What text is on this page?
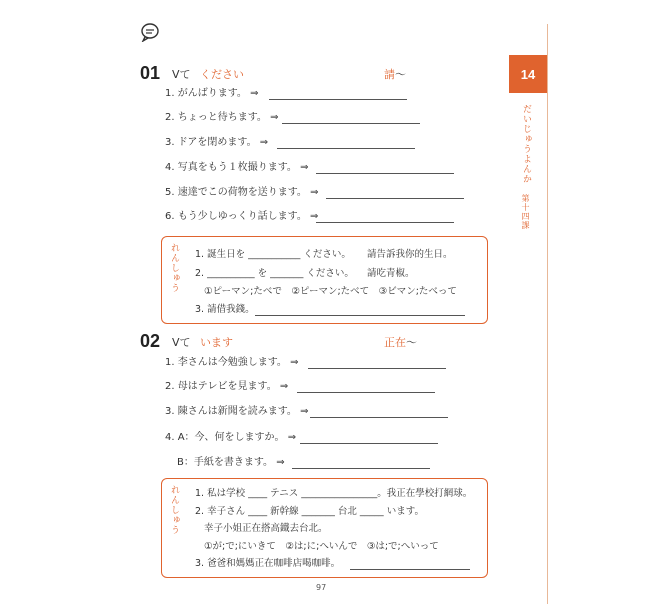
14
だいじゅうよんか
第十四課
01 Vて ください	請〜
1. がんばります。 ⇒
2. ちょっと待ちます。 ⇒
3. ドアを閉めます。 ⇒
4. 写真をもう１枚撮ります。 ⇒
5. 速達でこの荷物を送ります。 ⇒
6. もう少しゆっくり話します。 ⇒
れんしゅう 1. 誕生日を ___________ ください。 請告訴我你的生日。
2. __________ を _______ ください。 請吃青椒。
①ピーマン;たべで　②ピーマン;たべて　③ビマン;たべって
3. 請借我錢。
02 Vて います	正在〜
1. 李さんは今勉強します。 ⇒
2. 母はテレビを見ます。 ⇒
3. 陳さんは新聞を読みます。 ⇒
4. A：今、何をしますか。 ⇒
B：手紙を書きます。 ⇒
れんしゅう 1. 私は学校 ____ テニス ________________。我正在學校打網球。
2. 幸子さん ____ 新幹線 _______ 台北 _____ います。
幸子小姐正在搭高鐵去台北。
①が;で;にいきて　②は;に;へいんで　③は;で;へいって
3. 爸爸和媽媽正在咖啡店喝咖啡。
97
